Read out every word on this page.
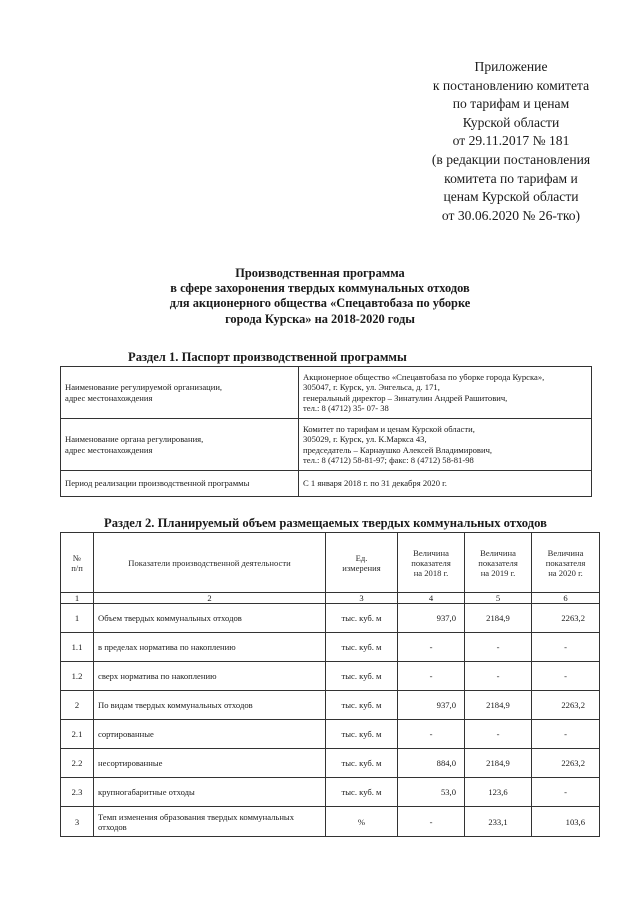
Приложение
к постановлению комитета
по тарифам и ценам
Курской области
от 29.11.2017 № 181
(в редакции постановления
комитета по тарифам и
ценам Курской области
от 30.06.2020 № 26-тко)
Производственная программа
в сфере захоронения твердых коммунальных отходов
для акционерного общества «Спецавтобаза по уборке
города Курска» на 2018-2020 годы
Раздел 1. Паспорт производственной программы
Наименование регулируемой организации,
адрес местонахождения	Акционерное общество «Спецавтобаза по уборке города Курска»,
305047, г. Курск, ул. Энгельса, д. 171,
генеральный директор – Зинатулин Андрей Рашитович,
тел.: 8 (4712) 35- 07- 38
Наименование органа регулирования,
адрес местонахождения	Комитет по тарифам и ценам Курской области,
305029, г. Курск, ул. К.Маркса 43,
председатель – Карнаушко Алексей Владимирович,
тел.: 8 (4712) 58-81-97; факс: 8 (4712) 58-81-98
Период реализации производственной программы	С 1 января 2018 г. по 31 декабря 2020 г.
Раздел 2. Планируемый объем размещаемых твердых коммунальных отходов
№
п/п	Показатели производственной деятельности	Ед.
измерения	Величина
показателя
на 2018 г.	Величина
показателя
на 2019 г.	Величина
показателя
на 2020 г.
1	2	3	4	5	6
1	Объем твердых коммунальных отходов	тыс. куб. м	937,0	2184,9	2263,2
1.1	в пределах норматива по накоплению	тыс. куб. м	-	-	-
1.2	сверх норматива по накоплению	тыс. куб. м	-	-	-
2	По видам твердых коммунальных отходов	тыс. куб. м	937,0	2184,9	2263,2
2.1	сортированные	тыс. куб. м	-	-	-
2.2	несортированные	тыс. куб. м	884,0	2184,9	2263,2
2.3	крупногабаритные отходы	тыс. куб. м	53,0	123,6	-
3	Темп изменения образования твердых коммунальных
отходов	%	-	233,1	103,6
